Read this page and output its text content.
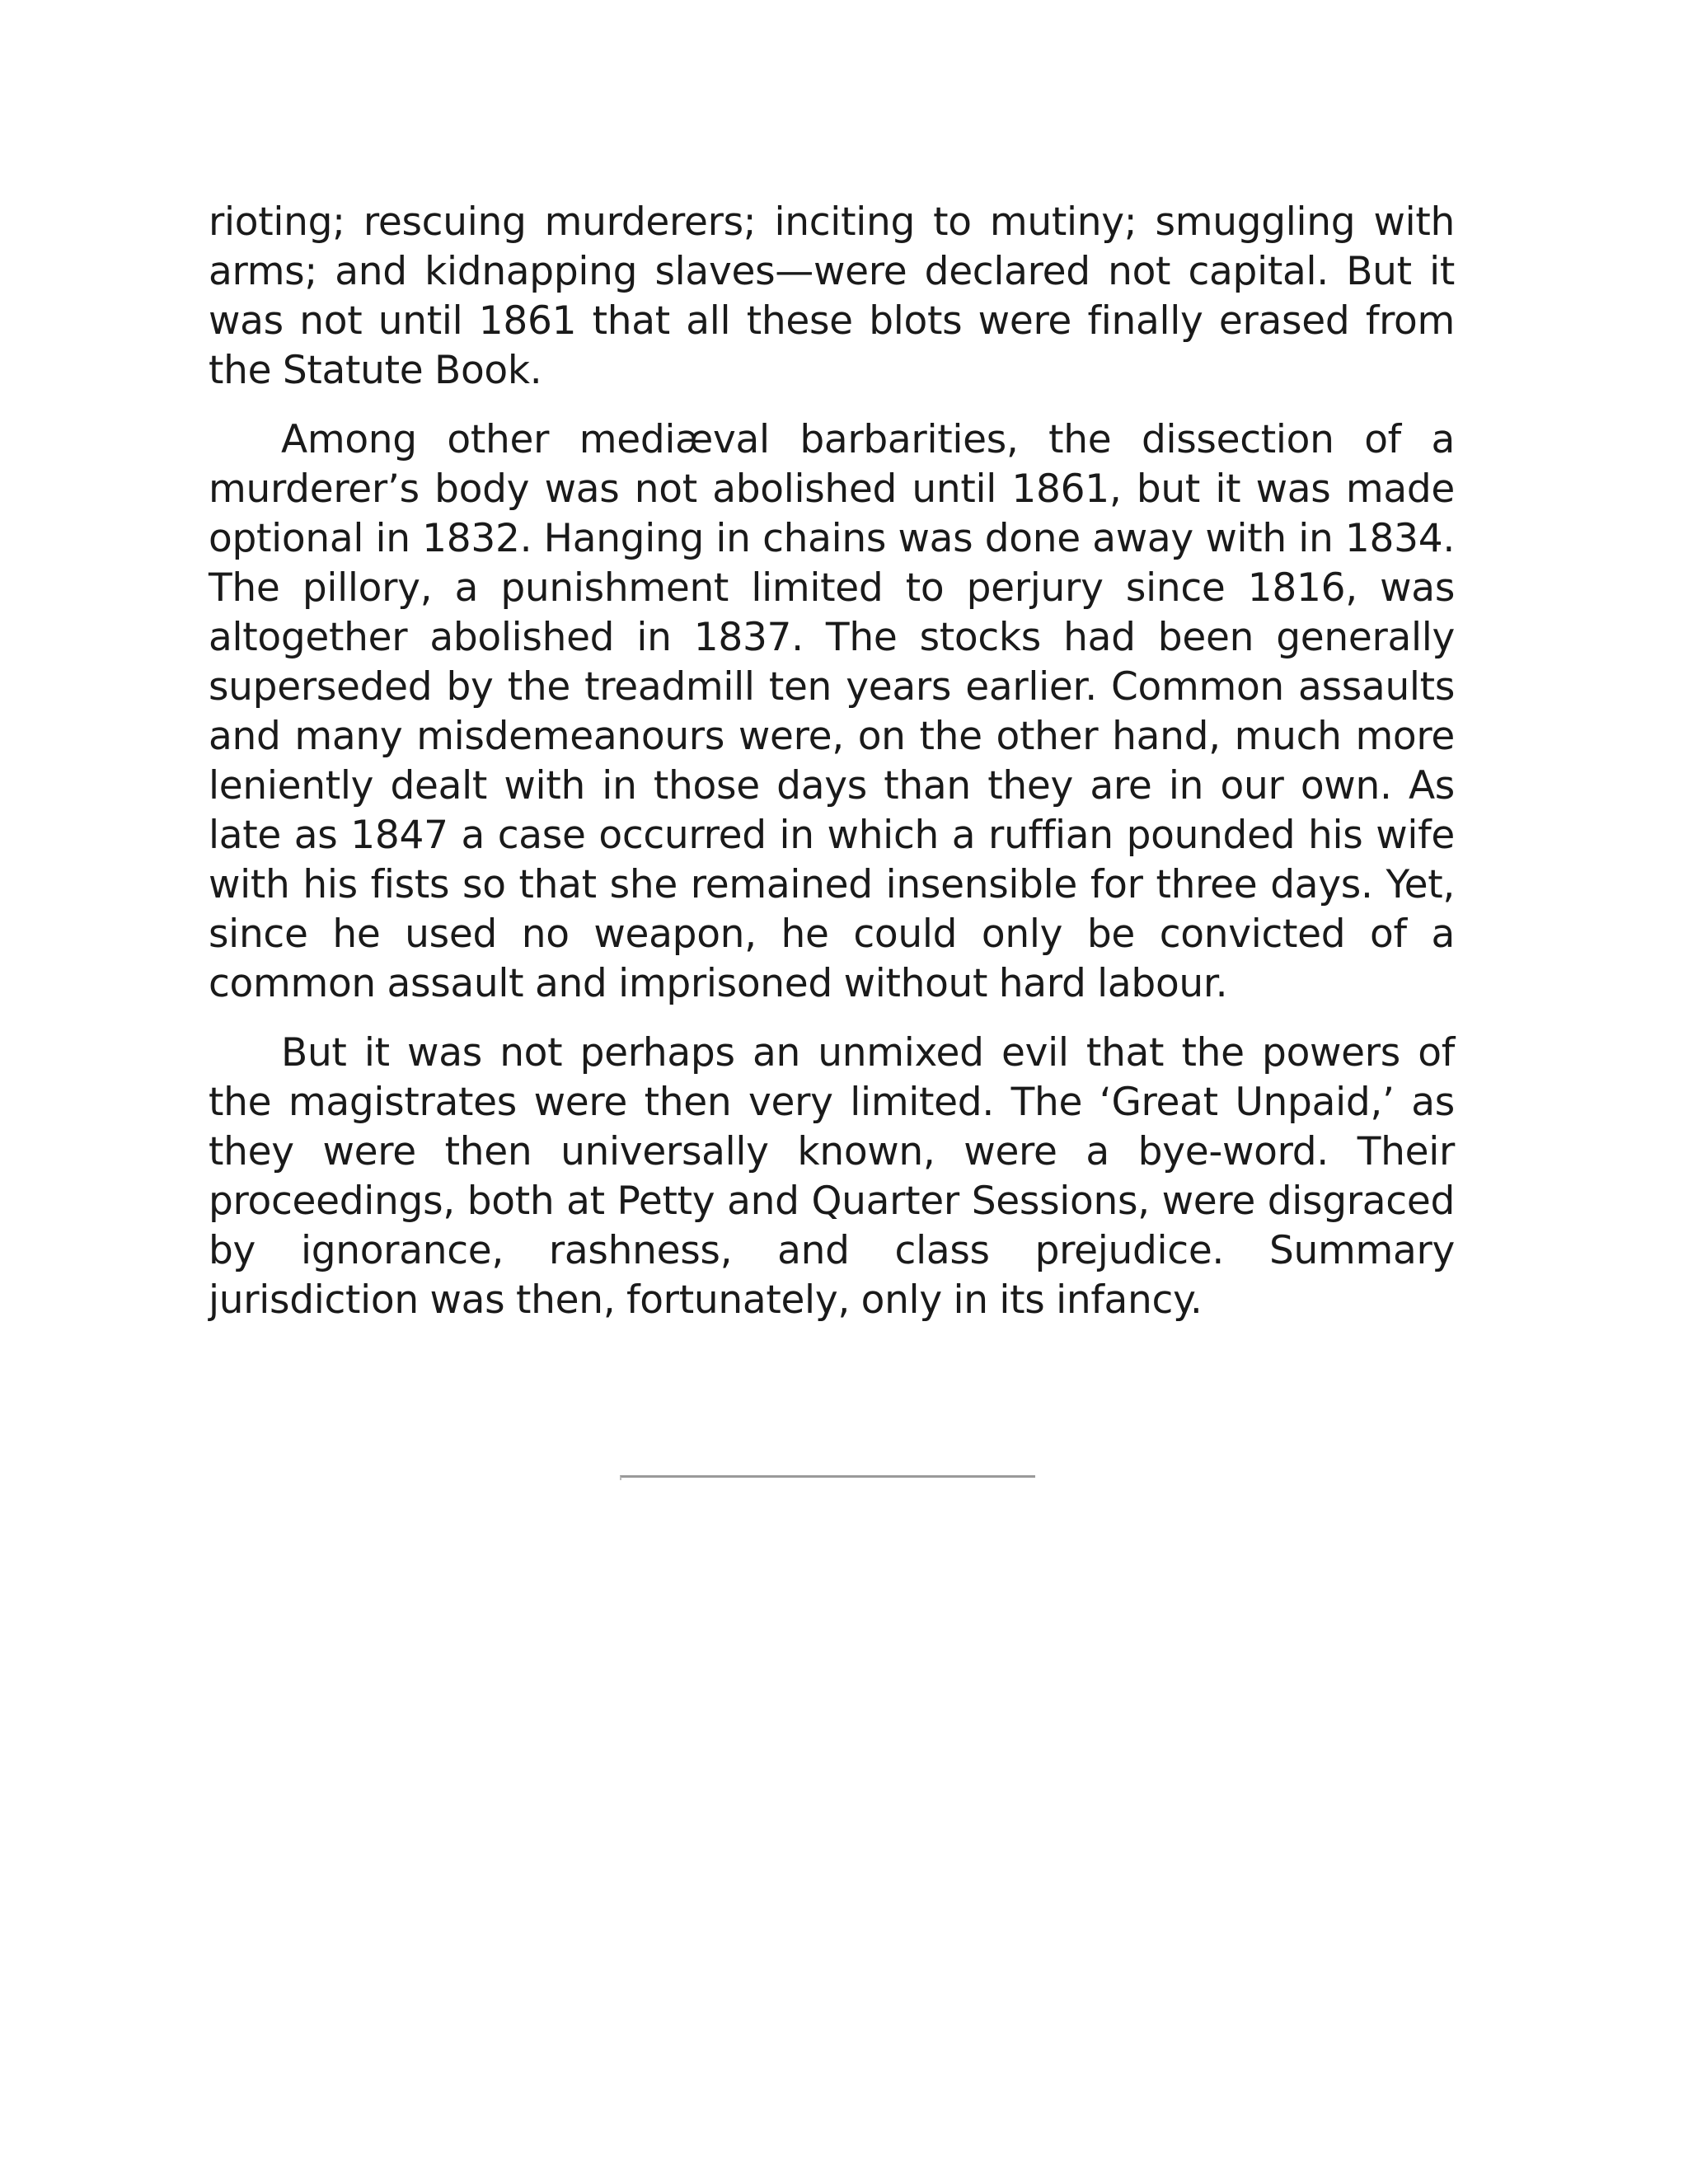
rioting; rescuing murderers; inciting to mutiny; smuggling with arms; and kidnapping slaves—were declared not capital. But it was not until 1861 that all these blots were finally erased from the Statute Book.

Among other mediæval barbarities, the dissection of a murderer’s body was not abolished until 1861, but it was made optional in 1832. Hanging in chains was done away with in 1834. The pillory, a punishment limited to perjury since 1816, was altogether abolished in 1837. The stocks had been generally superseded by the treadmill ten years earlier. Common assaults and many misdemeanours were, on the other hand, much more leniently dealt with in those days than they are in our own. As late as 1847 a case occurred in which a ruffian pounded his wife with his fists so that she remained insensible for three days. Yet, since he used no weapon, he could only be convicted of a common assault and imprisoned without hard labour.

But it was not perhaps an unmixed evil that the powers of the magistrates were then very limited. The ‘Great Unpaid,’ as they were then universally known, were a bye-word. Their proceedings, both at Petty and Quarter Sessions, were disgraced by ignorance, rashness, and class prejudice. Summary jurisdiction was then, fortunately, only in its infancy.
